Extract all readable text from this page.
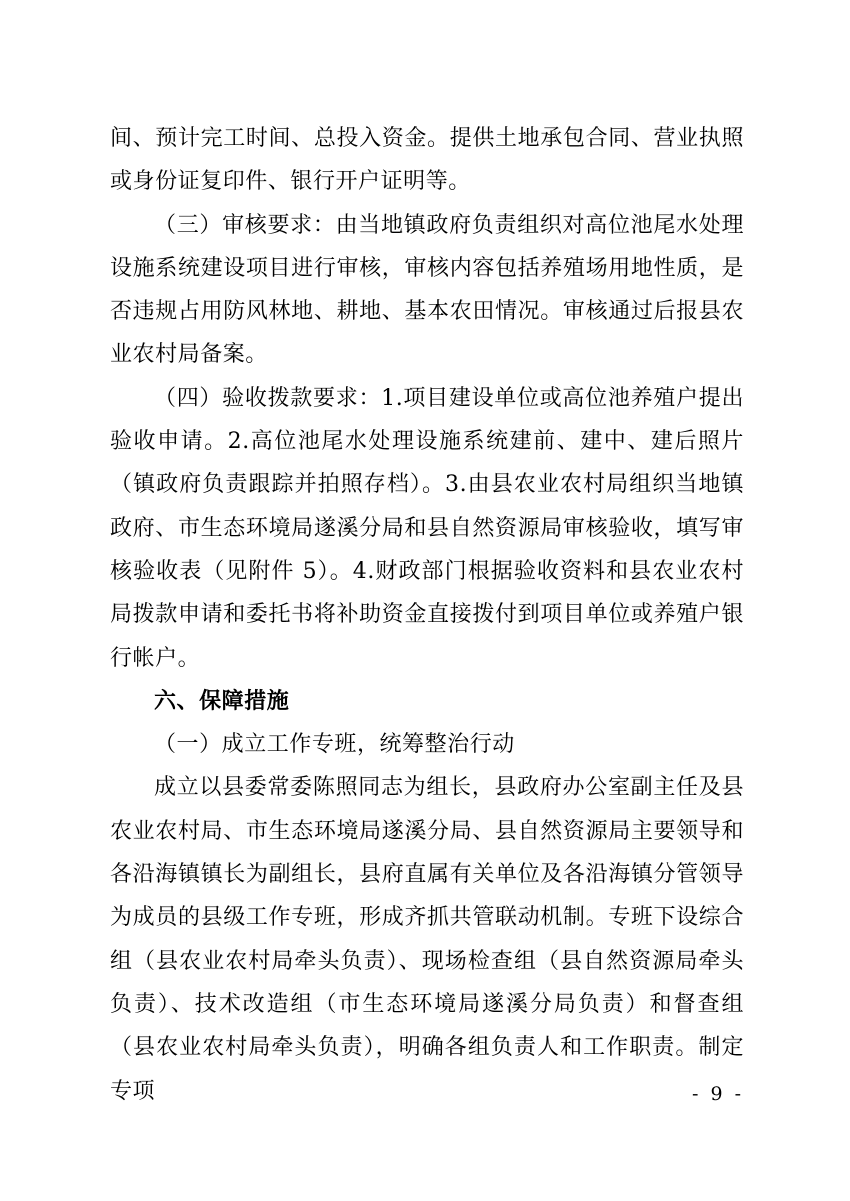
间、预计完工时间、总投入资金。提供土地承包合同、营业执照或身份证复印件、银行开户证明等。

（三）审核要求：由当地镇政府负责组织对高位池尾水处理设施系统建设项目进行审核，审核内容包括养殖场用地性质，是否违规占用防风林地、耕地、基本农田情况。审核通过后报县农业农村局备案。

（四）验收拨款要求：1.项目建设单位或高位池养殖户提出验收申请。2.高位池尾水处理设施系统建前、建中、建后照片（镇政府负责跟踪并拍照存档）。3.由县农业农村局组织当地镇政府、市生态环境局遂溪分局和县自然资源局审核验收，填写审核验收表（见附件 5）。4.财政部门根据验收资料和县农业农村局拨款申请和委托书将补助资金直接拨付到项目单位或养殖户银行帐户。

六、保障措施

（一）成立工作专班，统筹整治行动

成立以县委常委陈照同志为组长，县政府办公室副主任及县农业农村局、市生态环境局遂溪分局、县自然资源局主要领导和各沿海镇镇长为副组长，县府直属有关单位及各沿海镇分管领导为成员的县级工作专班，形成齐抓共管联动机制。专班下设综合组（县农业农村局牵头负责）、现场检查组（县自然资源局牵头负责）、技术改造组（市生态环境局遂溪分局负责）和督查组（县农业农村局牵头负责），明确各组负责人和工作职责。制定专项	- 9 -
